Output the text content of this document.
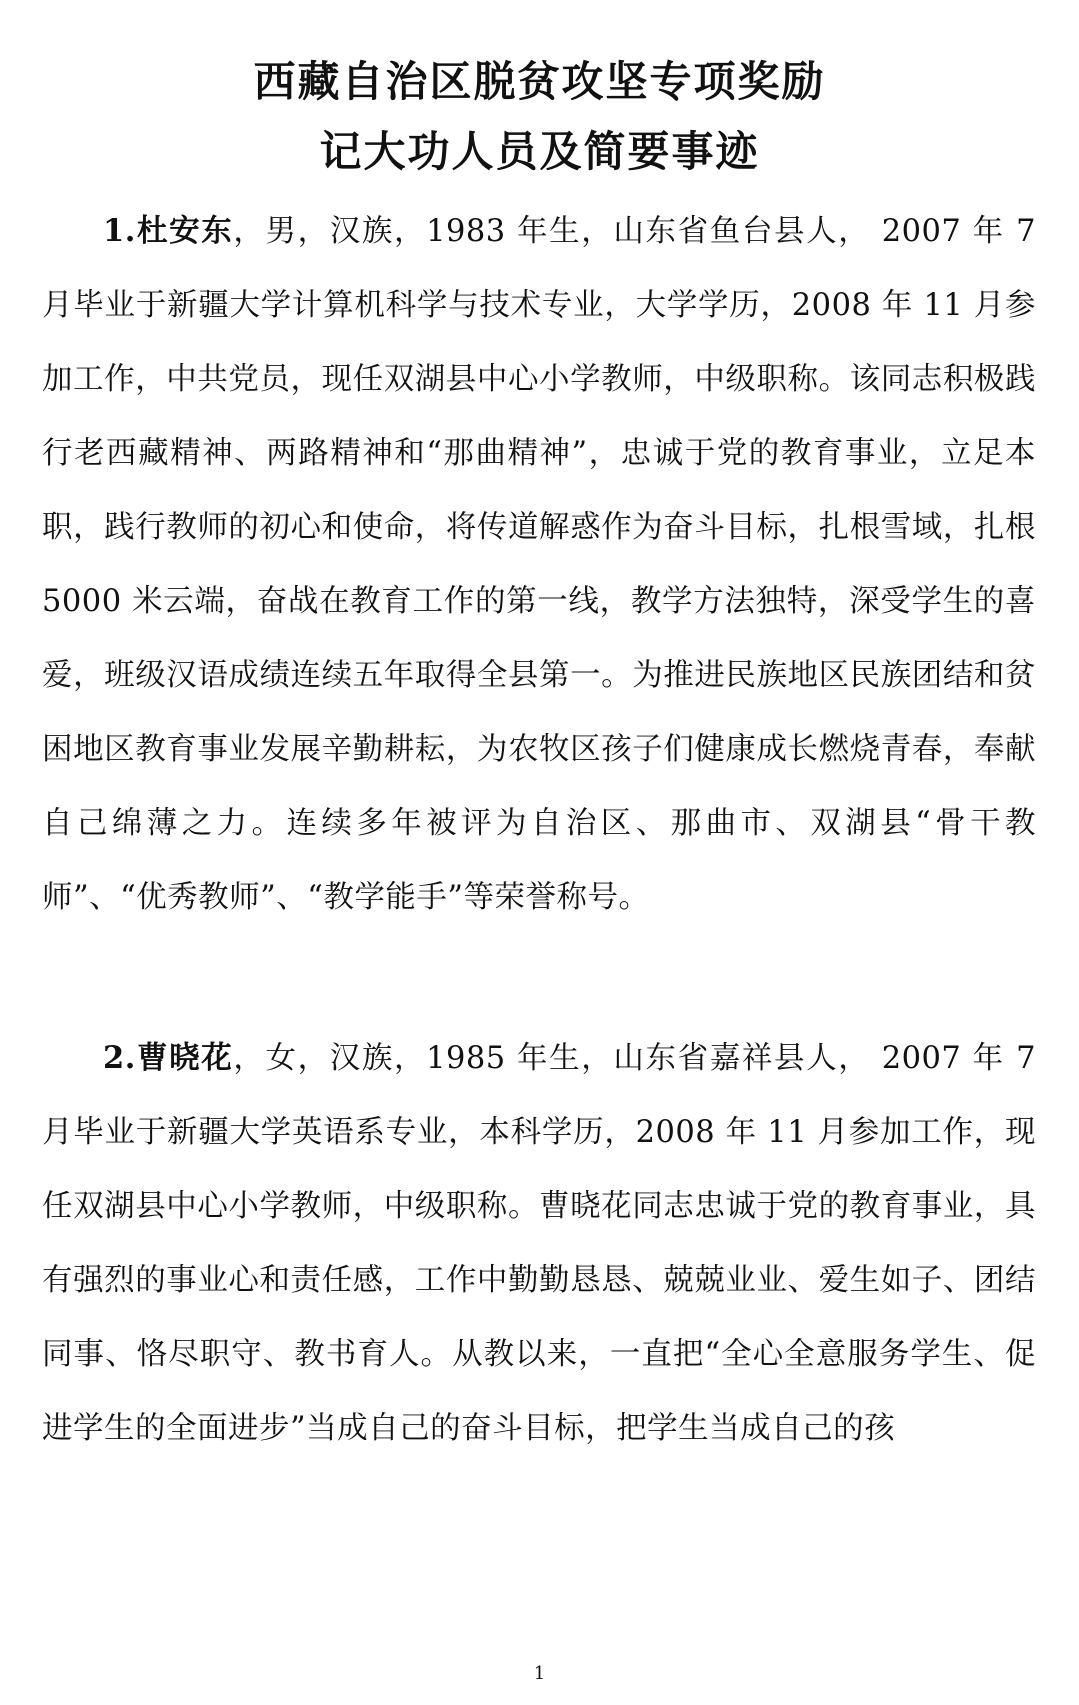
西藏自治区脱贫攻坚专项奖励
记大功人员及简要事迹

1.杜安东，男，汉族，1983 年生，山东省鱼台县人， 2007 年 7 月毕业于新疆大学计算机科学与技术专业，大学学历，2008 年 11 月参加工作，中共党员，现任双湖县中心小学教师，中级职称。该同志积极践行老西藏精神、两路精神和“那曲精神”，忠诚于党的教育事业，立足本职，践行教师的初心和使命，将传道解惑作为奋斗目标，扎根雪域，扎根 5000 米云端，奋战在教育工作的第一线，教学方法独特，深受学生的喜爱，班级汉语成绩连续五年取得全县第一。为推进民族地区民族团结和贫困地区教育事业发展辛勤耕耘，为农牧区孩子们健康成长燃烧青春，奉献自己绵薄之力。连续多年被评为自治区、那曲市、双湖县“骨干教师”、“优秀教师”、“教学能手”等荣誉称号。

2.曹晓花，女，汉族，1985 年生，山东省嘉祥县人， 2007 年 7 月毕业于新疆大学英语系专业，本科学历，2008 年 11 月参加工作，现任双湖县中心小学教师，中级职称。曹晓花同志忠诚于党的教育事业，具有强烈的事业心和责任感，工作中勤勤恳恳、兢兢业业、爱生如子、团结同事、恪尽职守、教书育人。从教以来，一直把“全心全意服务学生、促进学生的全面进步”当成自己的奋斗目标，把学生当成自己的孩

1
